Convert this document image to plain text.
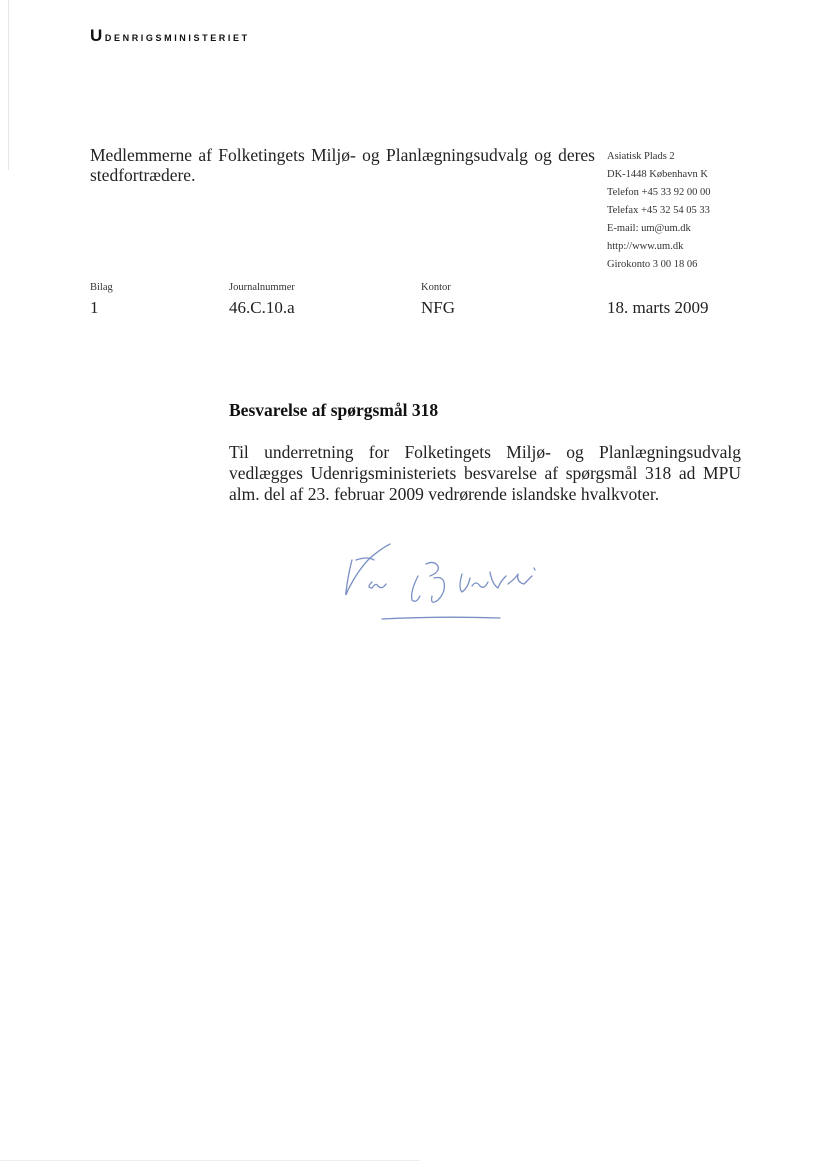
Udenrigsministeriet
Medlemmerne af Folketingets Miljø- og Planlægningsudvalg og deres stedfortrædere.
Asiatisk Plads 2
DK-1448 København K
Telefon +45 33 92 00 00
Telefax +45 32 54 05 33
E-mail: um@um.dk
http://www.um.dk
Girokonto 3 00 18 06
Bilag
1
Journalnummer
46.C.10.a
Kontor
NFG	18. marts 2009
Besvarelse af spørgsmål 318
Til underretning for Folketingets Miljø- og Planlægningsudvalg vedlægges Udenrigsministeriets besvarelse af spørgsmål 318 ad MPU alm. del af 23. februar 2009 vedrørende islandske hvalkvoter.
